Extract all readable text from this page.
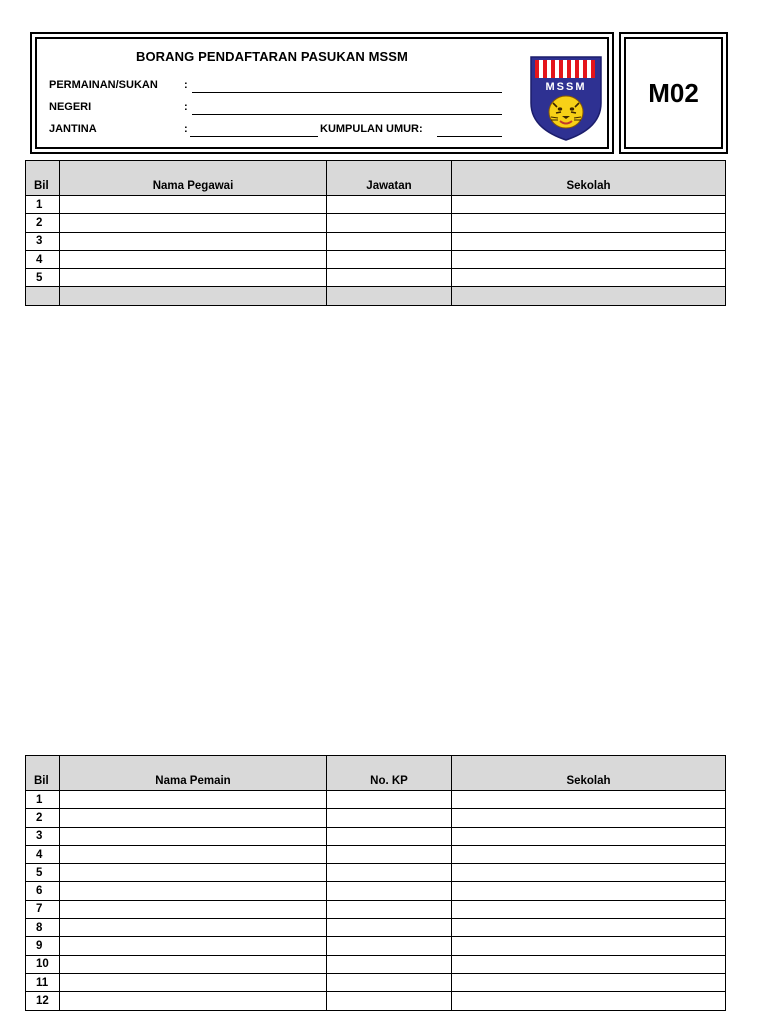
BORANG PENDAFTARAN PASUKAN MSSM
PERMAINAN/SUKAN :
NEGERI	:
JANTINA	:	KUMPULAN UMUR:
MSSM	M02
Bil	Nama Pegawai	Jawatan	Sekolah
1			
2			
3			
4			
5			

Bil	Nama Pemain	No. KP	Sekolah
1			
2			
3			
4			
5			
6			
7			
8			
9			
10			
11			
12			
